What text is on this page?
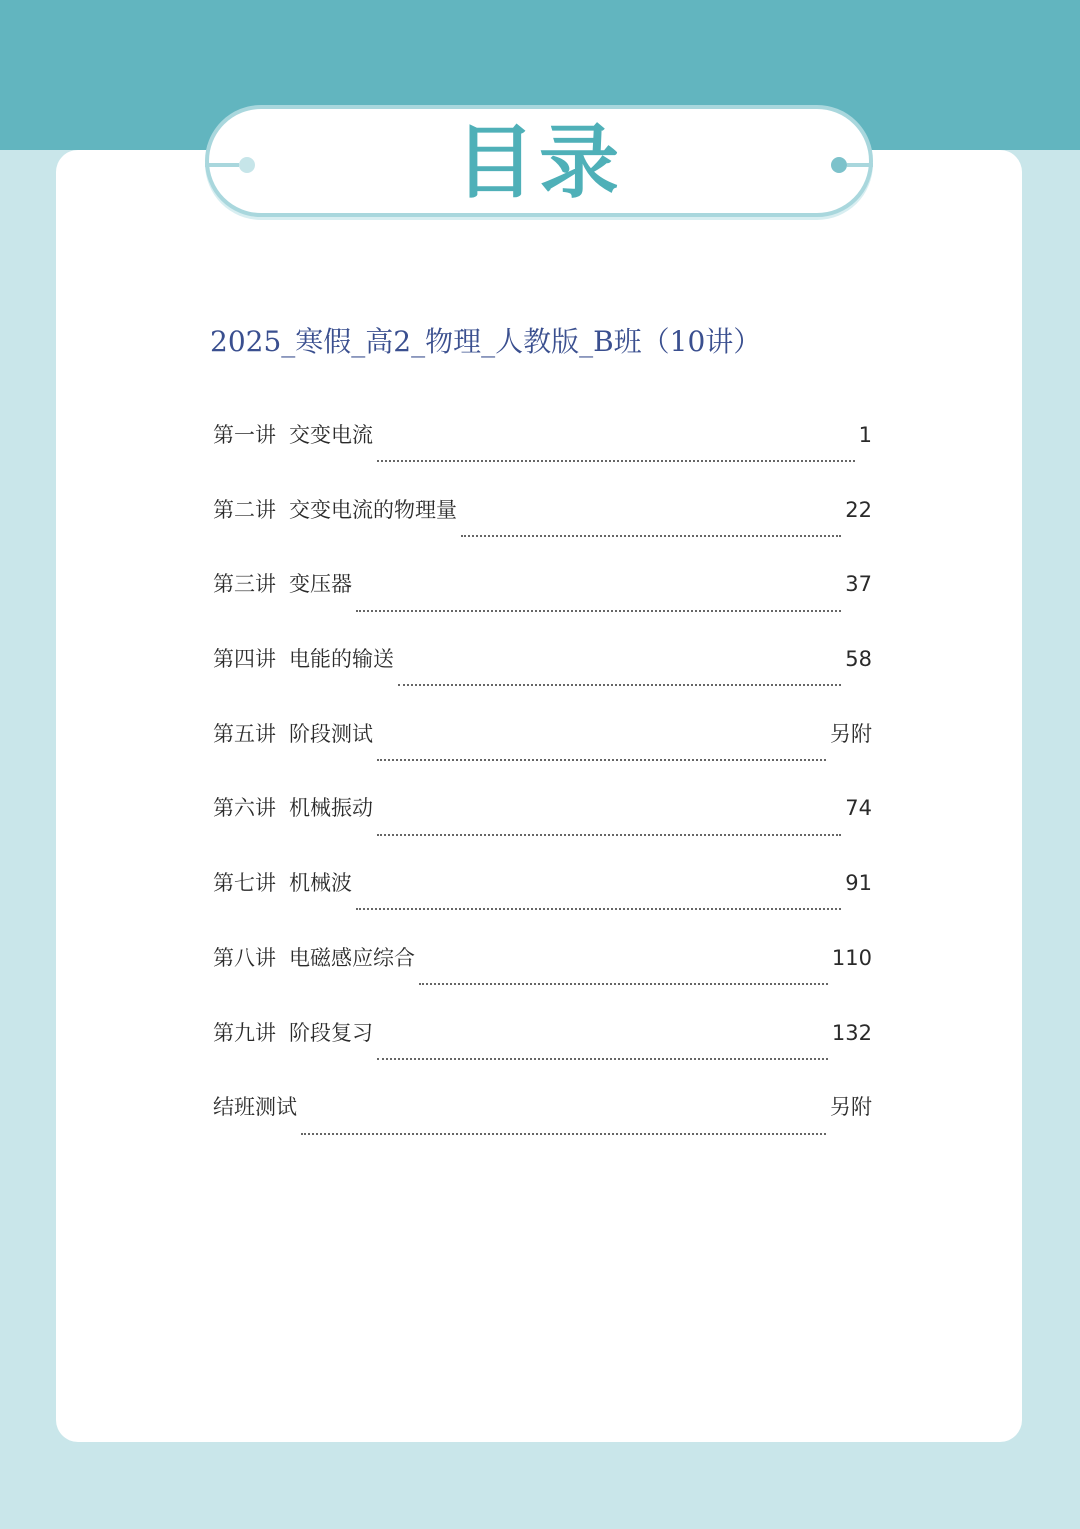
目录
2025_寒假_高2_物理_人教版_B班（10讲）
第一讲 交变电流	1
第二讲 交变电流的物理量	22
第三讲 变压器	37
第四讲 电能的输送	58
第五讲 阶段测试	另附
第六讲 机械振动	74
第七讲 机械波	91
第八讲 电磁感应综合	110
第九讲 阶段复习	132
结班测试	另附
